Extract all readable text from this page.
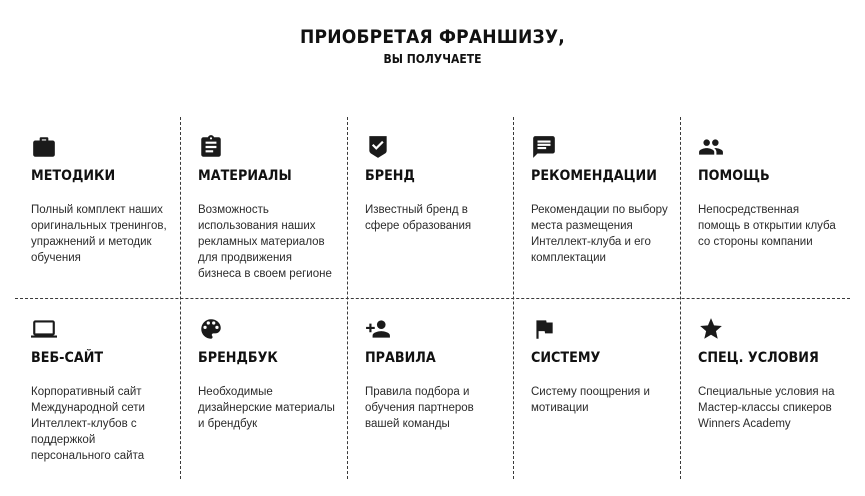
ПРИОБРЕТАЯ ФРАНШИЗУ,
ВЫ ПОЛУЧАЕТЕ
МЕТОДИКИ
Полный комплект наших оригинальных тренингов, упражнений и методик обучения
МАТЕРИАЛЫ
Возможность использования наших рекламных материалов для продвижения бизнеса в своем регионе
БРЕНД
Известный бренд в сфере образования
РЕКОМЕНДАЦИИ
Рекомендации по выбору места размещения Интеллект-клуба и его комплектации
ПОМОЩЬ
Непосредственная помощь в открытии клуба со стороны компании
ВЕБ-САЙТ
Корпоративный сайт Международной сети Интеллект-клубов с поддержкой персонального сайта
БРЕНДБУК
Необходимые дизайнерские материалы и брендбук
ПРАВИЛА
Правила подбора и обучения партнеров вашей команды
СИСТЕМУ
Систему поощрения и мотивации
СПЕЦ. УСЛОВИЯ
Специальные условия на Мастер-классы спикеров Winners Academy
